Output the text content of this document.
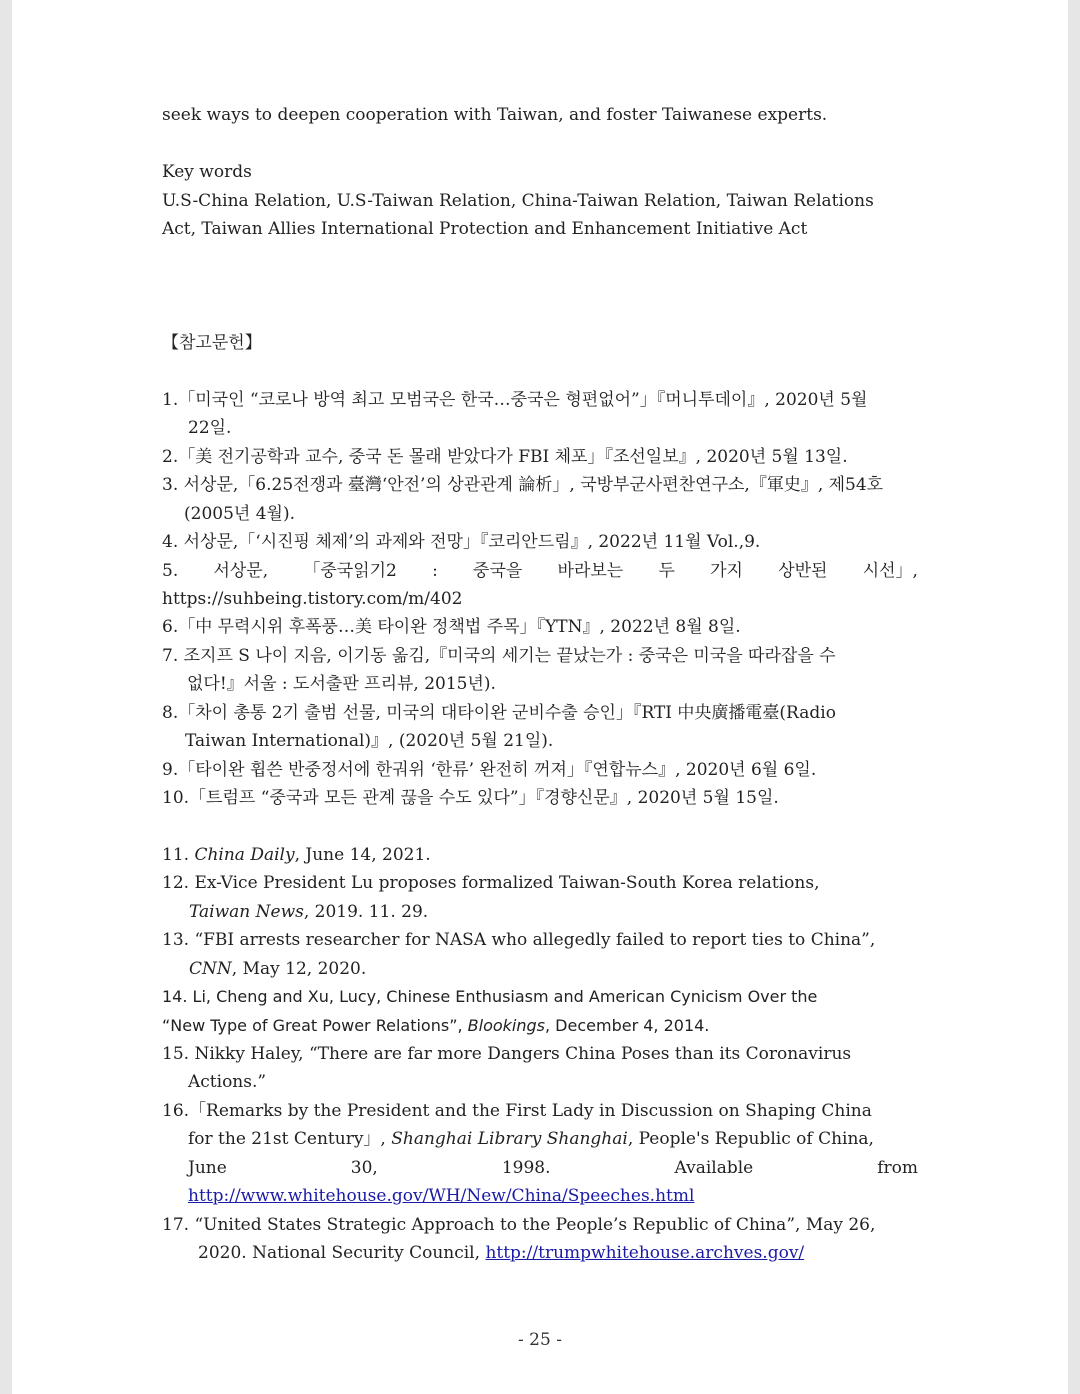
seek ways to deepen cooperation with Taiwan, and foster Taiwanese experts.
Key words
U.S-China Relation, U.S-Taiwan Relation, China-Taiwan Relation, Taiwan Relations
Act, Taiwan Allies International Protection and Enhancement Initiative Act
【참고문헌】
1.「미국인 “코로나 방역 최고 모범국은 한국…중국은 형편없어”」『머니투데이』, 2020년 5월
22일.
2.「美 전기공학과 교수, 중국 돈 몰래 받았다가 FBI 체포」『조선일보』, 2020년 5월 13일.
3. 서상문,「6.25전쟁과 臺灣‘안전’의 상관관계 論析」, 국방부군사편찬연구소,『軍史』, 제54호
(2005년 4월).
4. 서상문,「‘시진핑 체제’의 과제와 전망」『코리안드림』, 2022년 11월 Vol.,9.
5. 서상문, 「중국읽기2 : 중국을 바라보는 두 가지 상반된 시선」,
https://suhbeing.tistory.com/m/402
6.「中 무력시위 후폭풍…美 타이완 정책법 주목」『YTN』, 2022년 8월 8일.
7. 조지프 S 나이 지음, 이기동 옮김,『미국의 세기는 끝났는가 : 중국은 미국을 따라잡을 수
없다!』서울 : 도서출판 프리뷰, 2015년).
8.「차이 총통 2기 출범 선물, 미국의 대타이완 군비수출 승인」『RTI 中央廣播電臺(Radio
Taiwan International)』, (2020년 5월 21일).
9.「타이완 휩쓴 반중정서에 한궈위 ‘한류’ 완전히 꺼져」『연합뉴스』, 2020년 6월 6일.
10.「트럼프 “중국과 모든 관계 끊을 수도 있다”」『경향신문』, 2020년 5월 15일.
11. China Daily, June 14, 2021.
12. Ex-Vice President Lu proposes formalized Taiwan-South Korea relations,
Taiwan News, 2019. 11. 29.
13. “FBI arrests researcher for NASA who allegedly failed to report ties to China”,
CNN, May 12, 2020.
14. Li, Cheng and Xu, Lucy, Chinese Enthusiasm and American Cynicism Over the
“New Type of Great Power Relations”, Blookings, December 4, 2014.
15. Nikky Haley, “There are far more Dangers China Poses than its Coronavirus
Actions.”
16.「Remarks by the President and the First Lady in Discussion on Shaping China
for the 21st Century」, Shanghai Library Shanghai, People's Republic of China,
June	30,	1998.	Available	from
http://www.whitehouse.gov/WH/New/China/Speeches.html
17. “United States Strategic Approach to the People’s Republic of China”, May 26,
2020. National Security Council, http://trumpwhitehouse.archves.gov/
- 25 -
